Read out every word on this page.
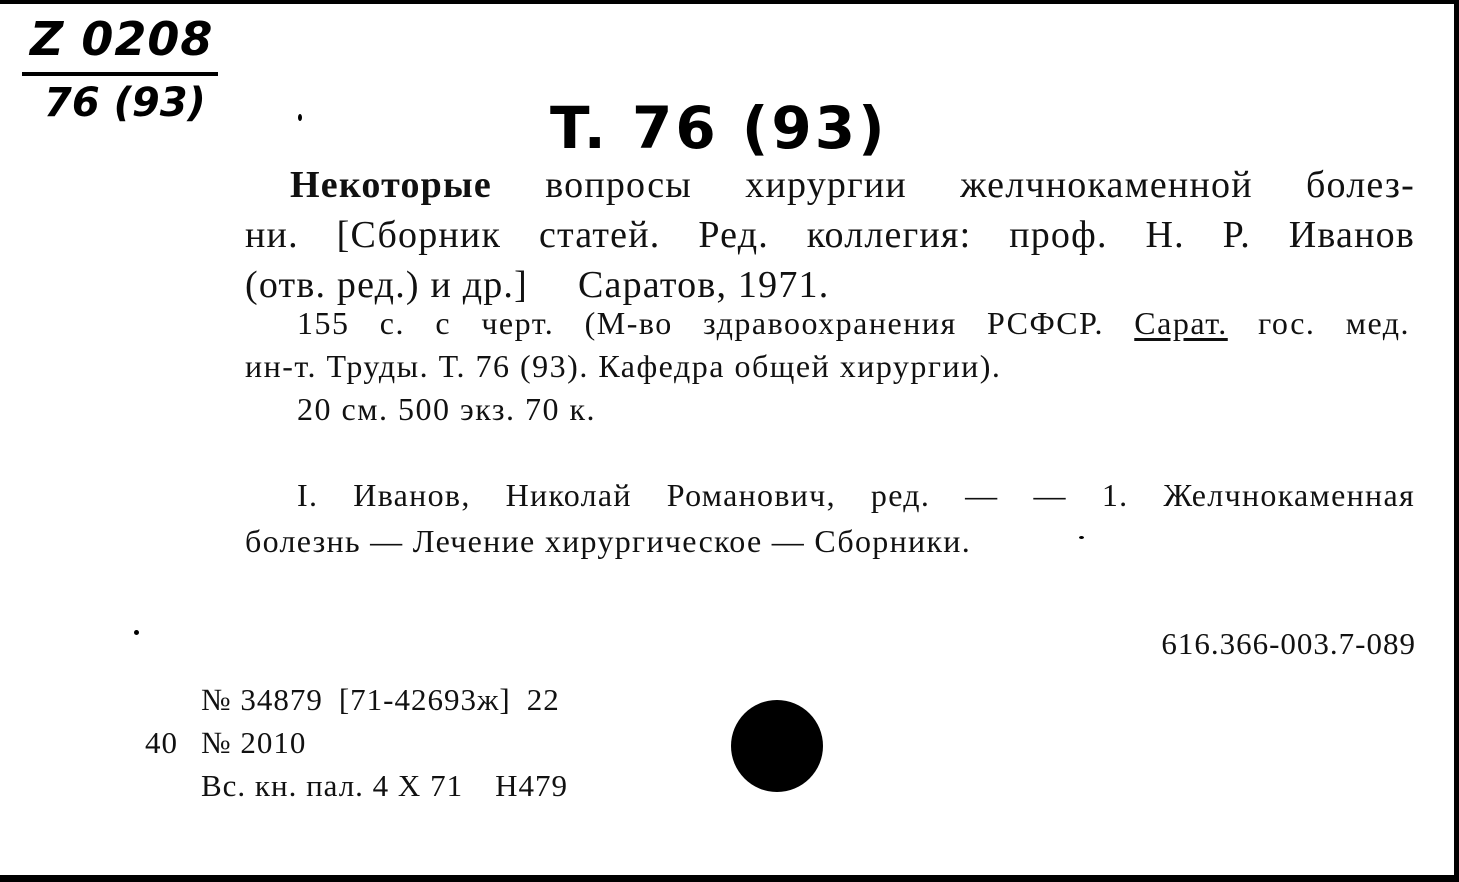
Z 0208
76 (93)	T. 76 (93)
Некоторые вопросы хирургии желчнокаменной болез-
ни. [Сборник статей. Ред. коллегия: проф. Н. Р. Иванов
(отв. ред.) и др.] Саратов, 1971.
155 с. с черт. (М-во здравоохранения РСФСР. Сарат. гос. мед.
ин-т. Труды. Т. 76 (93). Кафедра общей хирургии).
20 см. 500 экз. 70 к.
I. Иванов, Николай Романович, ред. — — 1. Желчнокаменная
болезнь — Лечение хирургическое — Сборники.
616.366-003.7-089
№ 34879 [71-42693ж] 22
40 № 2010
Вс. кн. пал. 4 X 71 Н479
